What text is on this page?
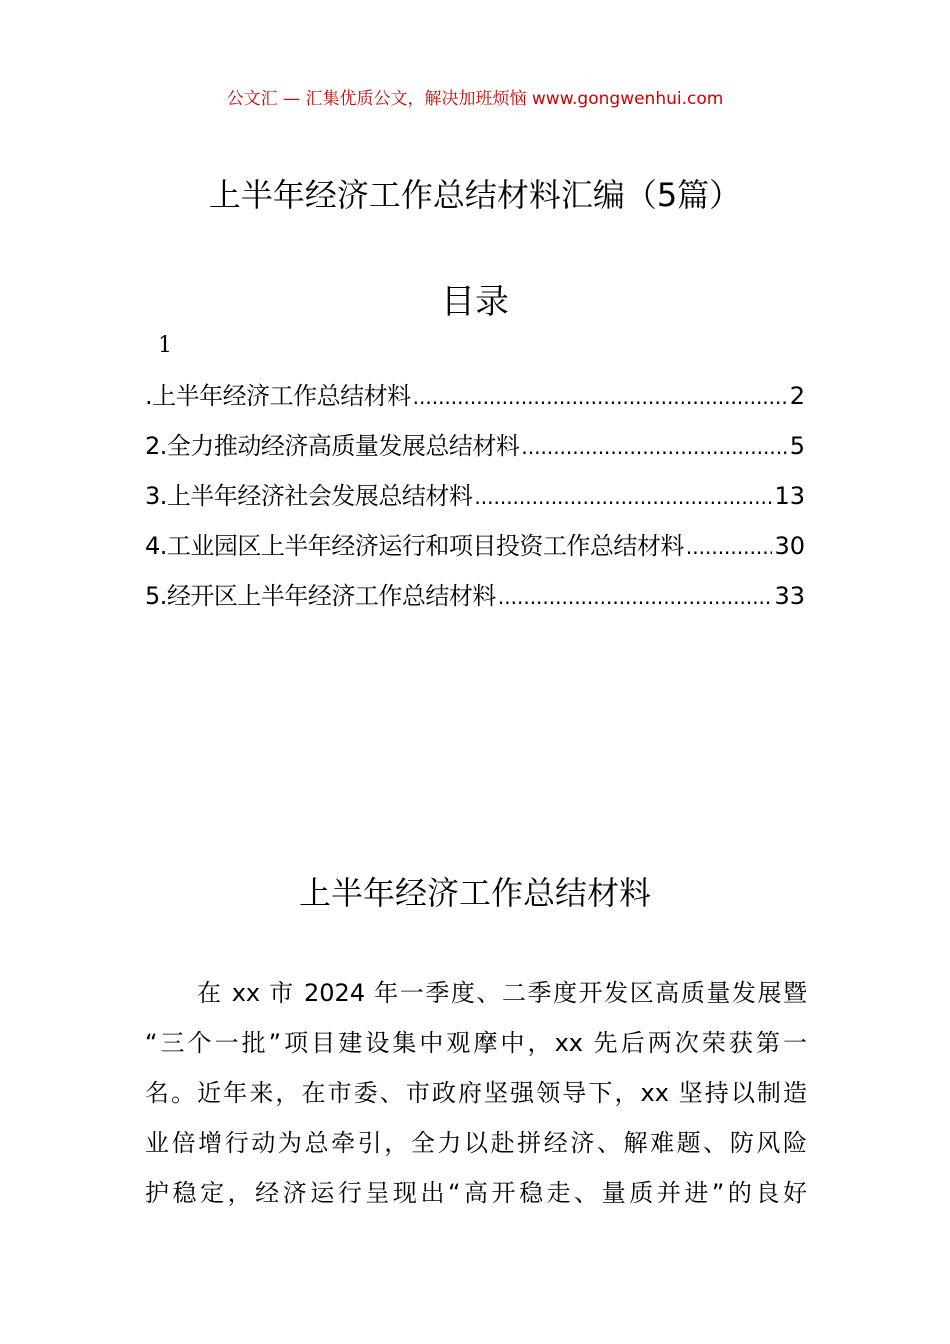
公文汇 — 汇集优质公文，解决加班烦恼 www.gongwenhui.com
上半年经济工作总结材料汇编（5篇）
目录
1
.上半年经济工作总结材料 .....	2
2.全力推动经济高质量发展总结材料 .....	5
3.上半年经济社会发展总结材料 .....	13
4.工业园区上半年经济运行和项目投资工作总结材料 .....	30
5.经开区上半年经济工作总结材料 .....	33
上半年经济工作总结材料
在 xx 市 2024 年一季度、二季度开发区高质量发展暨
“三个一批”项目建设集中观摩中，xx 先后两次荣获第一
名。近年来，在市委、市政府坚强领导下，xx 坚持以制造
业倍增行动为总牵引，全力以赴拼经济、解难题、防风险
护稳定，经济运行呈现出“高开稳走、量质并进”的良好
